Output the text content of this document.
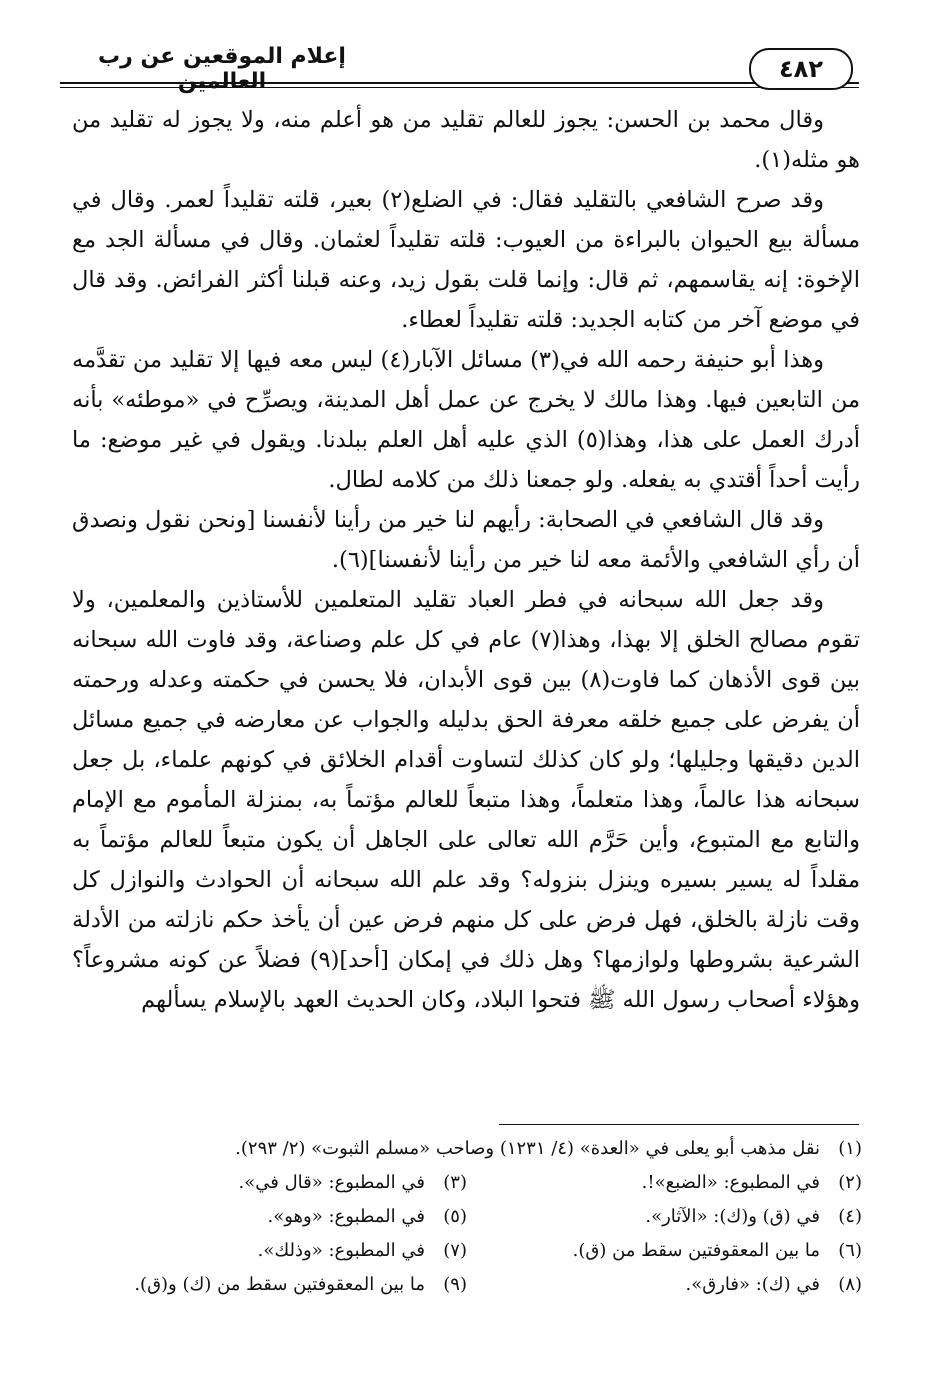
إعلام الموقعين عن رب العالمين	٤٨٢

وقال محمد بن الحسن: يجوز للعالم تقليد من هو أعلم منه، ولا يجوز له تقليد من هو مثله(١).

وقد صرح الشافعي بالتقليد فقال: في الضلع(٢) بعير، قلته تقليداً لعمر. وقال في مسألة بيع الحيوان بالبراءة من العيوب: قلته تقليداً لعثمان. وقال في مسألة الجد مع الإخوة: إنه يقاسمهم، ثم قال: وإنما قلت بقول زيد، وعنه قبلنا أكثر الفرائض. وقد قال في موضع آخر من كتابه الجديد: قلته تقليداً لعطاء.

وهذا أبو حنيفة رحمه الله في(٣) مسائل الآبار(٤) ليس معه فيها إلا تقليد من تقدَّمه من التابعين فيها. وهذا مالك لا يخرج عن عمل أهل المدينة، ويصرِّح في «موطئه» بأنه أدرك العمل على هذا، وهذا(٥) الذي عليه أهل العلم ببلدنا. ويقول في غير موضع: ما رأيت أحداً أقتدي به يفعله. ولو جمعنا ذلك من كلامه لطال.

وقد قال الشافعي في الصحابة: رأيهم لنا خير من رأينا لأنفسنا [ونحن نقول ونصدق أن رأي الشافعي والأئمة معه لنا خير من رأينا لأنفسنا](٦).

وقد جعل الله سبحانه في فطر العباد تقليد المتعلمين للأستاذين والمعلمين، ولا تقوم مصالح الخلق إلا بهذا، وهذا(٧) عام في كل علم وصناعة، وقد فاوت الله سبحانه بين قوى الأذهان كما فاوت(٨) بين قوى الأبدان، فلا يحسن في حكمته وعدله ورحمته أن يفرض على جميع خلقه معرفة الحق بدليله والجواب عن معارضه في جميع مسائل الدين دقيقها وجليلها؛ ولو كان كذلك لتساوت أقدام الخلائق في كونهم علماء، بل جعل سبحانه هذا عالماً، وهذا متعلماً، وهذا متبعاً للعالم مؤتماً به، بمنزلة المأموم مع الإمام والتابع مع المتبوع، وأين حَرَّم الله تعالى على الجاهل أن يكون متبعاً للعالم مؤتماً به مقلداً له يسير بسيره وينزل بنزوله؟ وقد علم الله سبحانه أن الحوادث والنوازل كل وقت نازلة بالخلق، فهل فرض على كل منهم فرض عين أن يأخذ حكم نازلته من الأدلة الشرعية بشروطها ولوازمها؟ وهل ذلك في إمكان [أحد](٩) فضلاً عن كونه مشروعاً؟ وهؤلاء أصحاب رسول الله ﷺ فتحوا البلاد، وكان الحديث العهد بالإسلام يسألهم

(١)نقل مذهب أبو يعلى في «العدة» (٤/ ١٢٣١) وصاحب «مسلم الثبوت» (٢/ ٢٩٣).
(٢)في المطبوع: «الضبع»!.
(٣)في المطبوع: «قال في».
(٤)في (ق) و(ك): «الآثار».
(٥)في المطبوع: «وهو».
(٦)ما بين المعقوفتين سقط من (ق).
(٧)في المطبوع: «وذلك».
(٨)في (ك): «فارق».
(٩)ما بين المعقوفتين سقط من (ك) و(ق).
